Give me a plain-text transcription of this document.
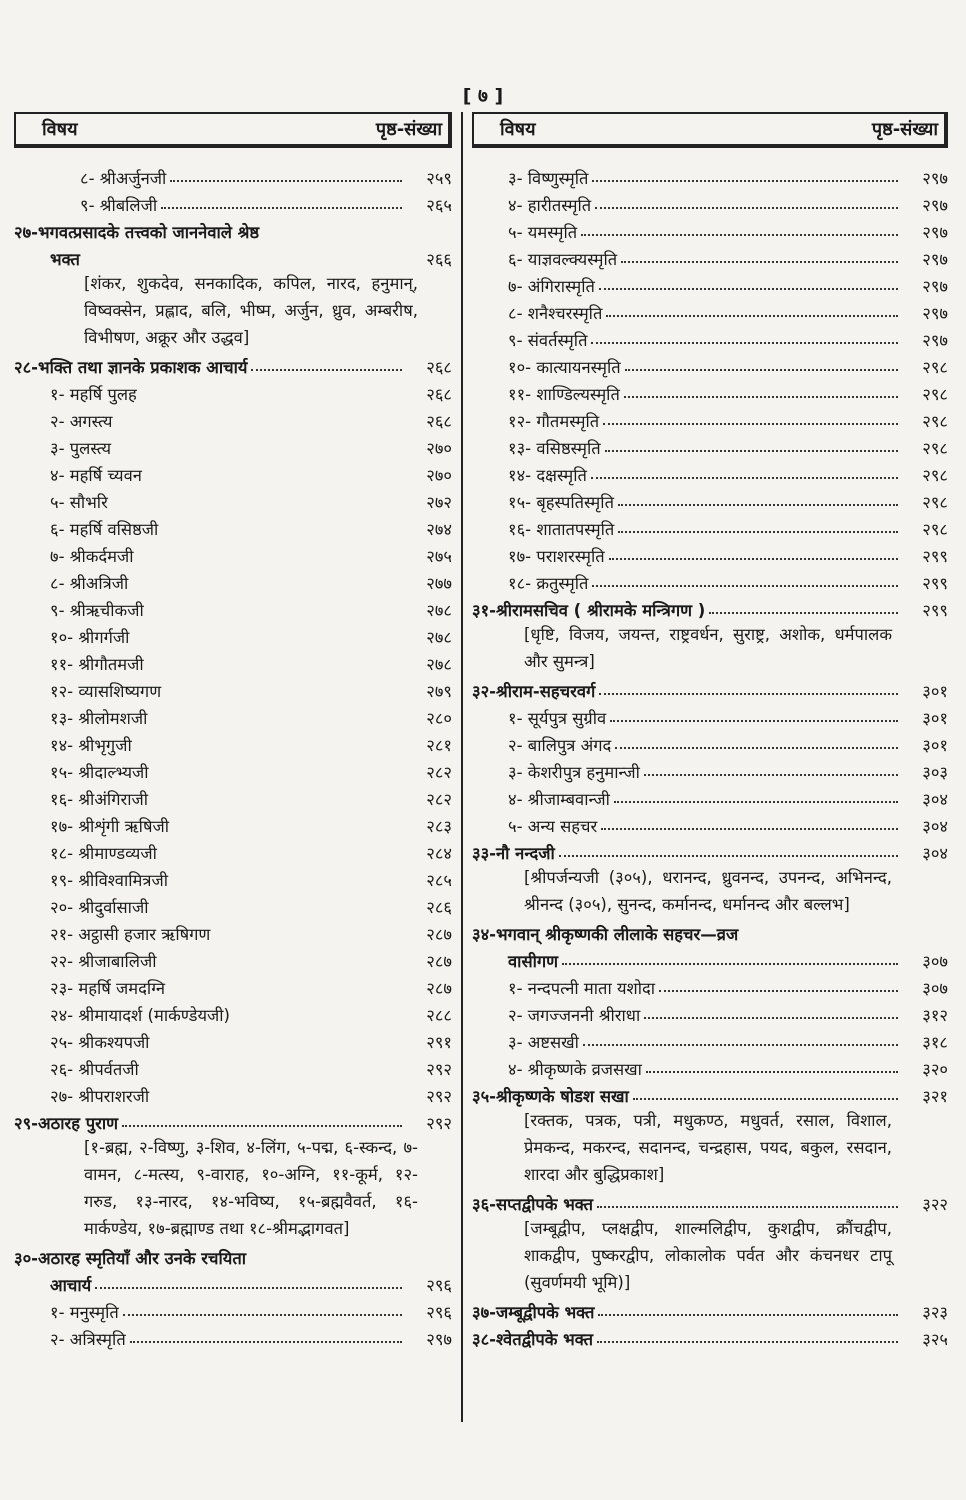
[ ७ ]
विषय	पृष्ठ-संख्या
८- श्रीअर्जुनजी	२५९
९- श्रीबलिजी	२६५
२७-भगवत्प्रसादके तत्त्वको जाननेवाले श्रेष्ठ
भक्त	२६६
[शंकर, शुकदेव, सनकादिक, कपिल, नारद, हनुमान्, विष्वक्सेन, प्रह्लाद, बलि, भीष्म, अर्जुन, ध्रुव, अम्बरीष, विभीषण, अक्रूर और उद्धव]
२८-भक्ति तथा ज्ञानके प्रकाशक आचार्य	२६८
१- महर्षि पुलह	२६८
२- अगस्त्य	२६८
३- पुलस्त्य	२७०
४- महर्षि च्यवन	२७०
५- सौभरि	२७२
६- महर्षि वसिष्ठजी	२७४
७- श्रीकर्दमजी	२७५
८- श्रीअत्रिजी	२७७
९- श्रीऋचीकजी	२७८
१०- श्रीगर्गजी	२७८
११- श्रीगौतमजी	२७८
१२- व्यासशिष्यगण	२७९
१३- श्रीलोमशजी	२८०
१४- श्रीभृगुजी	२८१
१५- श्रीदाल्भ्यजी	२८२
१६- श्रीअंगिराजी	२८२
१७- श्रीशृंगी ऋषिजी	२८३
१८- श्रीमाण्डव्यजी	२८४
१९- श्रीविश्वामित्रजी	२८५
२०- श्रीदुर्वासाजी	२८६
२१- अट्ठासी हजार ऋषिगण	२८७
२२- श्रीजाबालिजी	२८७
२३- महर्षि जमदग्नि	२८७
२४- श्रीमायादर्श (मार्कण्डेयजी)	२८८
२५- श्रीकश्यपजी	२९१
२६- श्रीपर्वतजी	२९२
२७- श्रीपराशरजी	२९२
२९-अठारह पुराण	२९२
[१-ब्रह्म, २-विष्णु, ३-शिव, ४-लिंग, ५-पद्म, ६-स्कन्द, ७-वामन, ८-मत्स्य, ९-वाराह, १०-अग्नि, ११-कूर्म, १२-गरुड, १३-नारद, १४-भविष्य, १५-ब्रह्मवैवर्त, १६-मार्कण्डेय, १७-ब्रह्माण्ड तथा १८-श्रीमद्भागवत]
३०-अठारह स्मृतियाँ और उनके रचयिता
आचार्य	२९६
१- मनुस्मृति	२९६
२- अत्रिस्मृति	२९७
विषय	पृष्ठ-संख्या
३- विष्णुस्मृति	२९७
४- हारीतस्मृति	२९७
५- यमस्मृति	२९७
६- याज्ञवल्क्यस्मृति	२९७
७- अंगिरास्मृति	२९७
८- शनैश्चरस्मृति	२९७
९- संवर्तस्मृति	२९७
१०- कात्यायनस्मृति	२९८
११- शाण्डिल्यस्मृति	२९८
१२- गौतमस्मृति	२९८
१३- वसिष्ठस्मृति	२९८
१४- दक्षस्मृति	२९८
१५- बृहस्पतिस्मृति	२९८
१६- शातातपस्मृति	२९८
१७- पराशरस्मृति	२९९
१८- क्रतुस्मृति	२९९
३१-श्रीरामसचिव ( श्रीरामके मन्त्रिगण )	२९९
[धृष्टि, विजय, जयन्त, राष्ट्रवर्धन, सुराष्ट्र, अशोक, धर्मपालक और सुमन्त्र]
३२-श्रीराम-सहचरवर्ग	३०१
१- सूर्यपुत्र सुग्रीव	३०१
२- बालिपुत्र अंगद	३०१
३- केशरीपुत्र हनुमान्जी	३०३
४- श्रीजाम्बवान्जी	३०४
५- अन्य सहचर	३०४
३३-नौ नन्दजी	३०४
[श्रीपर्जन्यजी (३०५), धरानन्द, ध्रुवनन्द, उपनन्द, अभिनन्द, श्रीनन्द (३०५), सुनन्द, कर्मानन्द, धर्मानन्द और बल्लभ]
३४-भगवान् श्रीकृष्णकी लीलाके सहचर—व्रज
वासीगण	३०७
१- नन्दपत्नी माता यशोदा	३०७
२- जगज्जननी श्रीराधा	३१२
३- अष्टसखी	३१८
४- श्रीकृष्णके व्रजसखा	३२०
३५-श्रीकृष्णके षोडश सखा	३२१
[रक्तक, पत्रक, पत्री, मधुकण्ठ, मधुवर्त, रसाल, विशाल, प्रेमकन्द, मकरन्द, सदानन्द, चन्द्रहास, पयद, बकुल, रसदान, शारदा और बुद्धिप्रकाश]
३६-सप्तद्वीपके भक्त	३२२
[जम्बूद्वीप, प्लक्षद्वीप, शाल्मलिद्वीप, कुशद्वीप, क्रौंचद्वीप, शाकद्वीप, पुष्करद्वीप, लोकालोक पर्वत और कंचनधर टापू (सुवर्णमयी भूमि)]
३७-जम्बूद्वीपके भक्त	३२३
३८-श्वेतद्वीपके भक्त	३२५
